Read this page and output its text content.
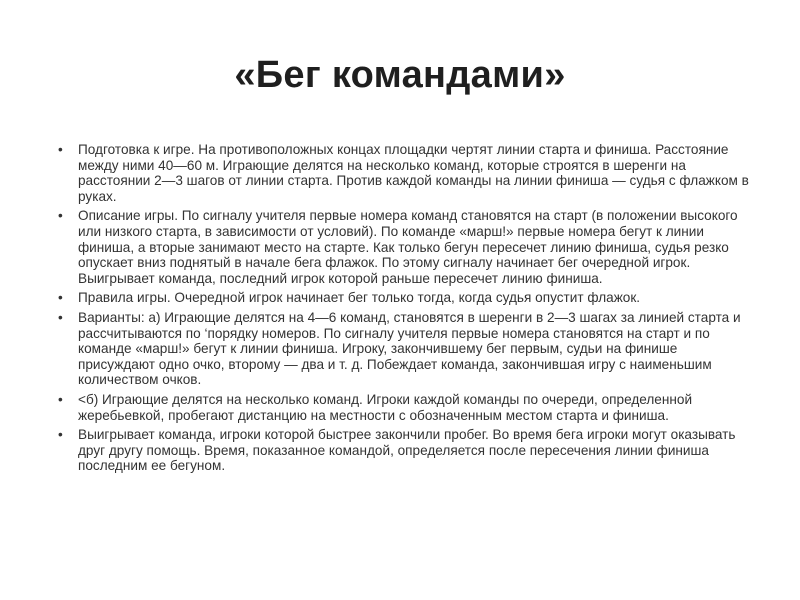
«Бег командами»
•	Подготовка к игре. На противоположных концах площадки чертят линии старта и финиша. Расстояние между ними 40—60 м. Играющие делятся на несколько команд, которые строятся в шеренги на расстоянии 2—3 шагов от линии старта. Против каждой команды на линии финиша — судья с флажком в руках.
•	Описание игры. По сигналу учителя первые номера команд становятся на старт (в положении высокого или низкого старта, в зависимости от условий). По команде «марш!» первые номера бегут к линии финиша, а вторые занимают место на старте. Как только бегун пересечет линию финиша, судья резко опускает вниз поднятый в начале бега флажок. По этому сигналу начинает бег очередной игрок. Выигрывает команда, последний игрок которой раньше пересечет линию финиша.
•	Правила игры. Очередной игрок начинает бег только тогда, когда судья опустит флажок.
•	Варианты: а) Играющие делятся на 4—6 команд, становятся в шеренги в 2—3 шагах за линией старта и рассчитываются по ‘порядку номеров. По сигналу учителя первые номера становятся на старт и по команде «марш!» бегут к линии финиша. Игроку, закончившему бег первым, судьи на финише присуждают одно очко, второму — два и т. д. Побеждает команда, закончившая игру с наименьшим количеством очков.
•	<б) Играющие делятся на несколько команд. Игроки каждой команды по очереди, определенной жеребьевкой, пробегают дистанцию на местности с обозначенным местом старта и финиша.
•	Выигрывает команда, игроки которой быстрее закончили пробег. Во время бега игроки могут оказывать друг другу помощь. Время, показанное командой, определяется после пересечения линии финиша последним ее бегуном.
